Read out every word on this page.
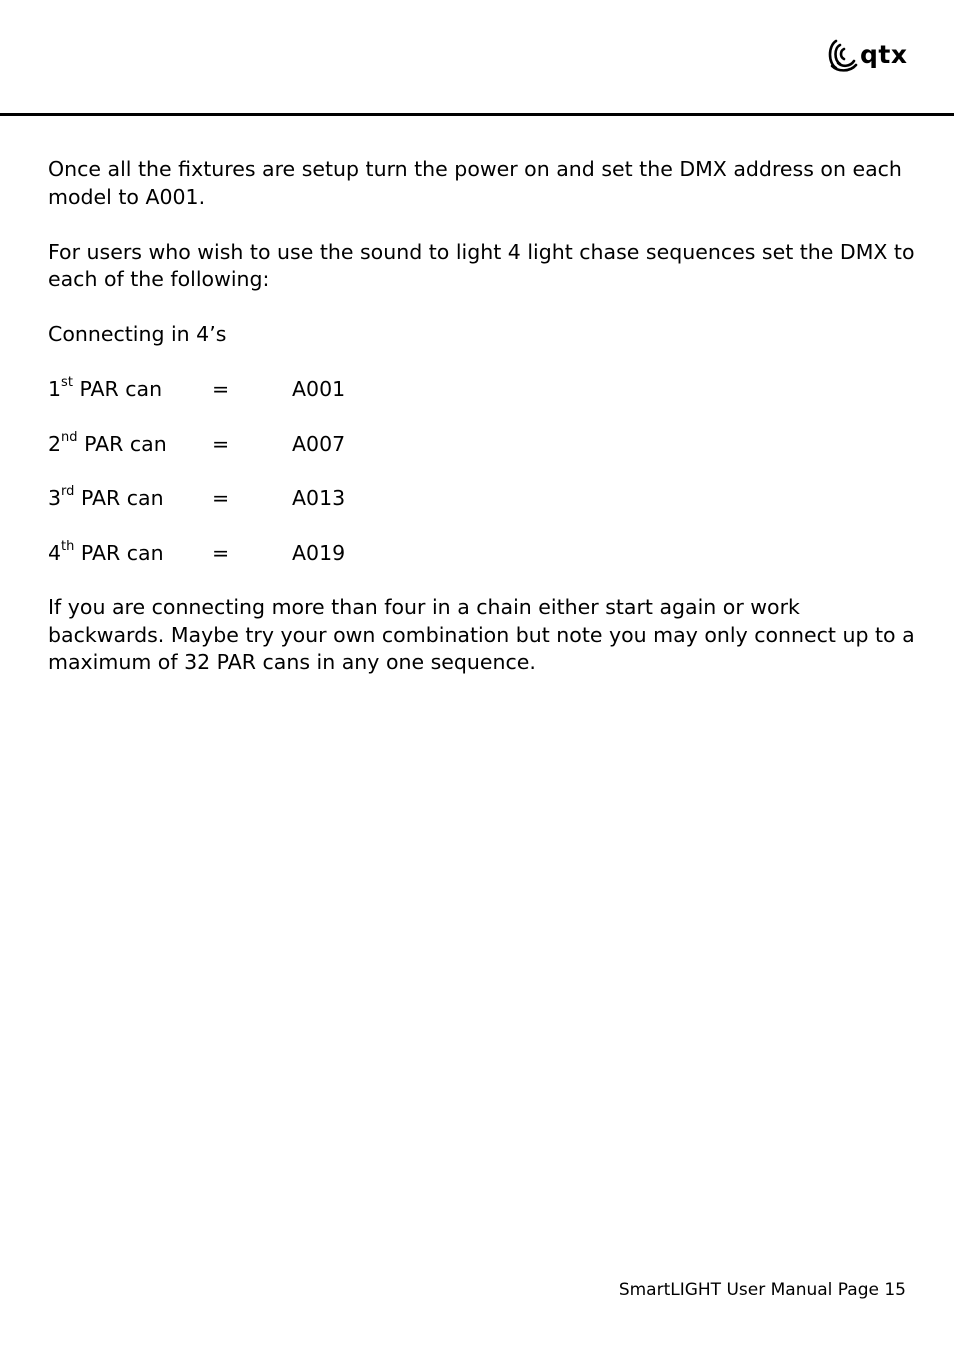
qtx

Once all the fixtures are setup turn the power on and set the DMX address on each model to A001.

For users who wish to use the sound to light 4 light chase sequences set the DMX to each of the following:

Connecting in 4’s

1st PAR can	=	A001
2nd PAR can	=	A007
3rd PAR can	=	A013
4th PAR can	=	A019

If you are connecting more than four in a chain either start again or work backwards. Maybe try your own combination but note you may only connect up to a maximum of 32 PAR cans in any one sequence.

SmartLIGHT User Manual Page 15
